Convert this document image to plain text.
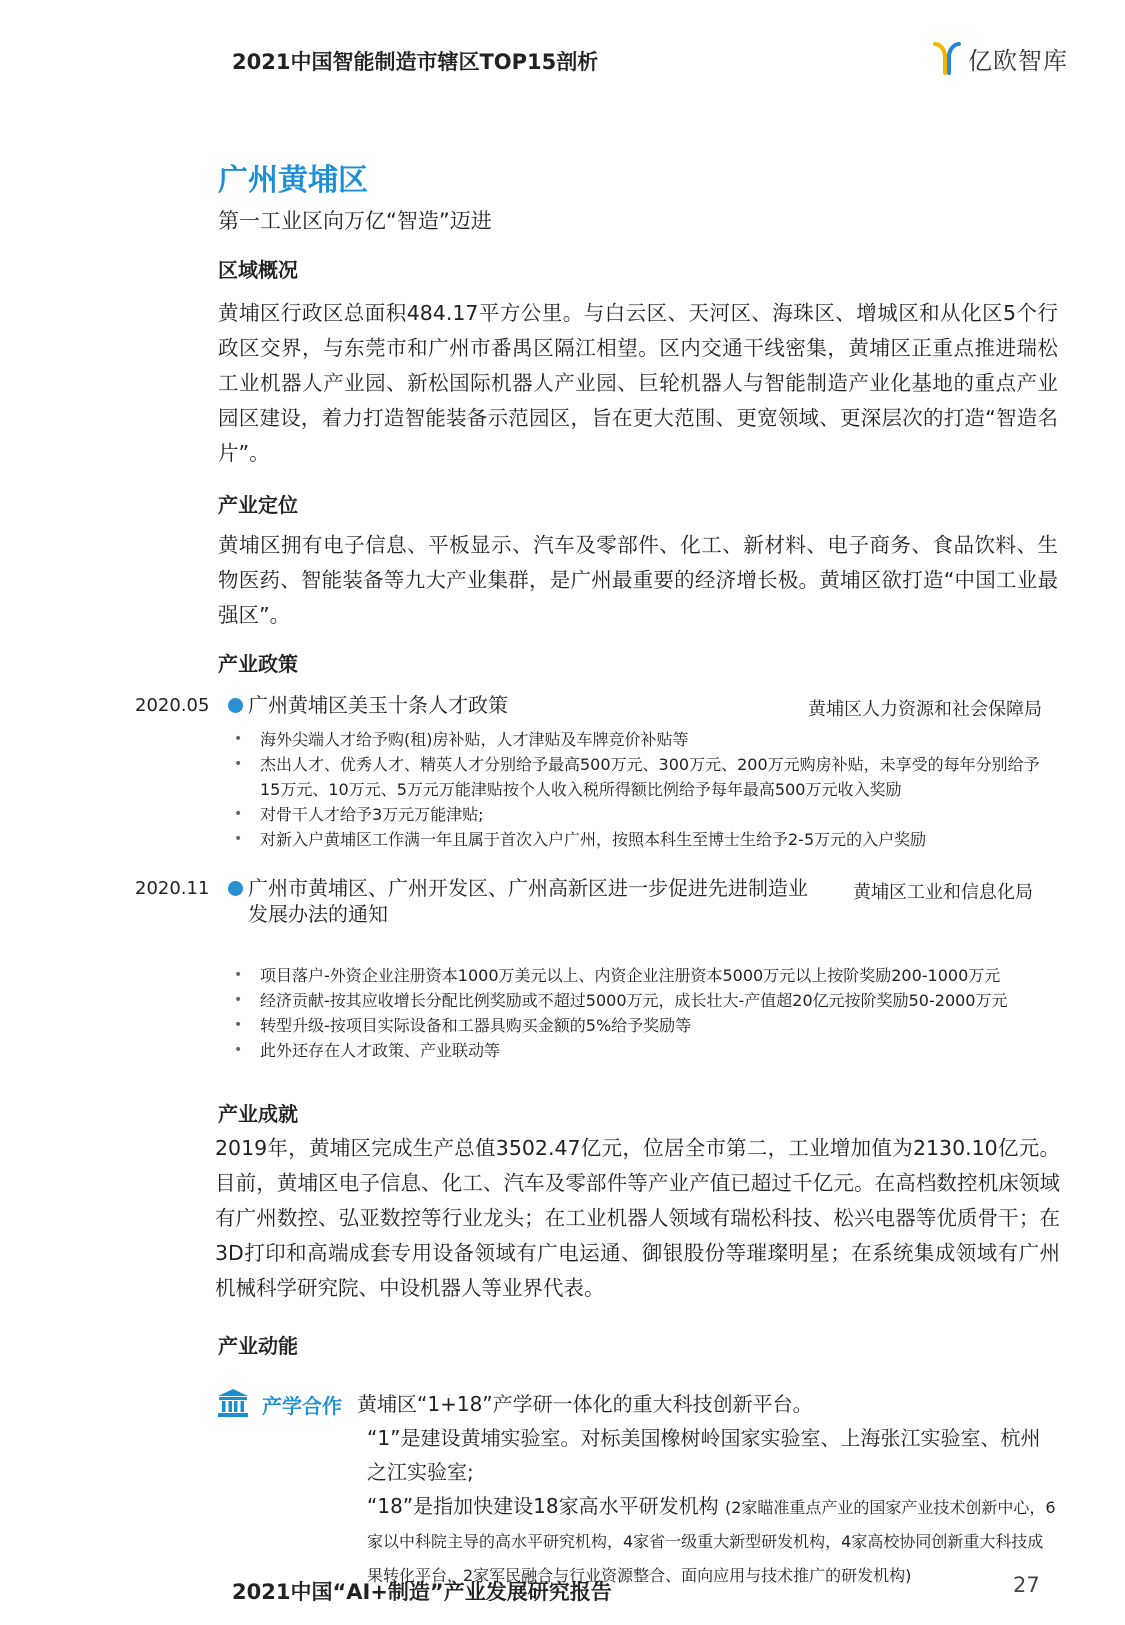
2021中国智能制造市辖区TOP15剖析	亿欧智库
广州黄埔区
第一工业区向万亿“智造”迈进
区域概况
黄埔区行政区总面积484.17平方公里。与白云区、天河区、海珠区、增城区和从化区5个行政区交界，与东莞市和广州市番禺区隔江相望。区内交通干线密集，黄埔区正重点推进瑞松工业机器人产业园、新松国际机器人产业园、巨轮机器人与智能制造产业化基地的重点产业园区建设，着力打造智能装备示范园区，旨在更大范围、更宽领域、更深层次的打造“智造名片”。
产业定位
黄埔区拥有电子信息、平板显示、汽车及零部件、化工、新材料、电子商务、食品饮料、生物医药、智能装备等九大产业集群，是广州最重要的经济增长极。黄埔区欲打造“中国工业最强区”。
产业政策
2020.05 广州黄埔区美玉十条人才政策	黄埔区人力资源和社会保障局
• 海外尖端人才给予购(租)房补贴，人才津贴及车牌竞价补贴等
• 杰出人才、优秀人才、精英人才分别给予最高500万元、300万元、200万元购房补贴，未享受的每年分别给予15万元、10万元、5万元万能津贴按个人收入税所得额比例给予每年最高500万元收入奖励
• 对骨干人才给予3万元万能津贴;
• 对新入户黄埔区工作满一年且属于首次入户广州，按照本科生至博士生给予2-5万元的入户奖励
2020.11 广州市黄埔区、广州开发区、广州高新区进一步促进先进制造业发展办法的通知
黄埔区工业和信息化局
• 项目落户-外资企业注册资本1000万美元以上、内资企业注册资本5000万元以上按阶奖励200-1000万元
• 经济贡献-按其应收增长分配比例奖励或不超过5000万元，成长壮大-产值超20亿元按阶奖励50-2000万元
• 转型升级-按项目实际设备和工器具购买金额的5%给予奖励等
• 此外还存在人才政策、产业联动等
产业成就
2019年，黄埔区完成生产总值3502.47亿元，位居全市第二，工业增加值为2130.10亿元。目前，黄埔区电子信息、化工、汽车及零部件等产业产值已超过千亿元。在高档数控机床领域有广州数控、弘亚数控等行业龙头；在工业机器人领域有瑞松科技、松兴电器等优质骨干；在3D打印和高端成套专用设备领域有广电运通、御银股份等璀璨明星；在系统集成领域有广州机械科学研究院、中设机器人等业界代表。
产业动能
产学合作 黄埔区“1+18”产学研一体化的重大科技创新平台。
“1”是建设黄埔实验室。对标美国橡树岭国家实验室、上海张江实验室、杭州之江实验室;
“18”是指加快建设18家高水平研发机构 (2家瞄准重点产业的国家产业技术创新中心，6家以中科院主导的高水平研究机构，4家省一级重大新型研发机构，4家高校协同创新重大科技成果转化平台，2家军民融合与行业资源整合、面向应用与技术推广的研发机构)
2021中国“AI+制造”产业发展研究报告	27
